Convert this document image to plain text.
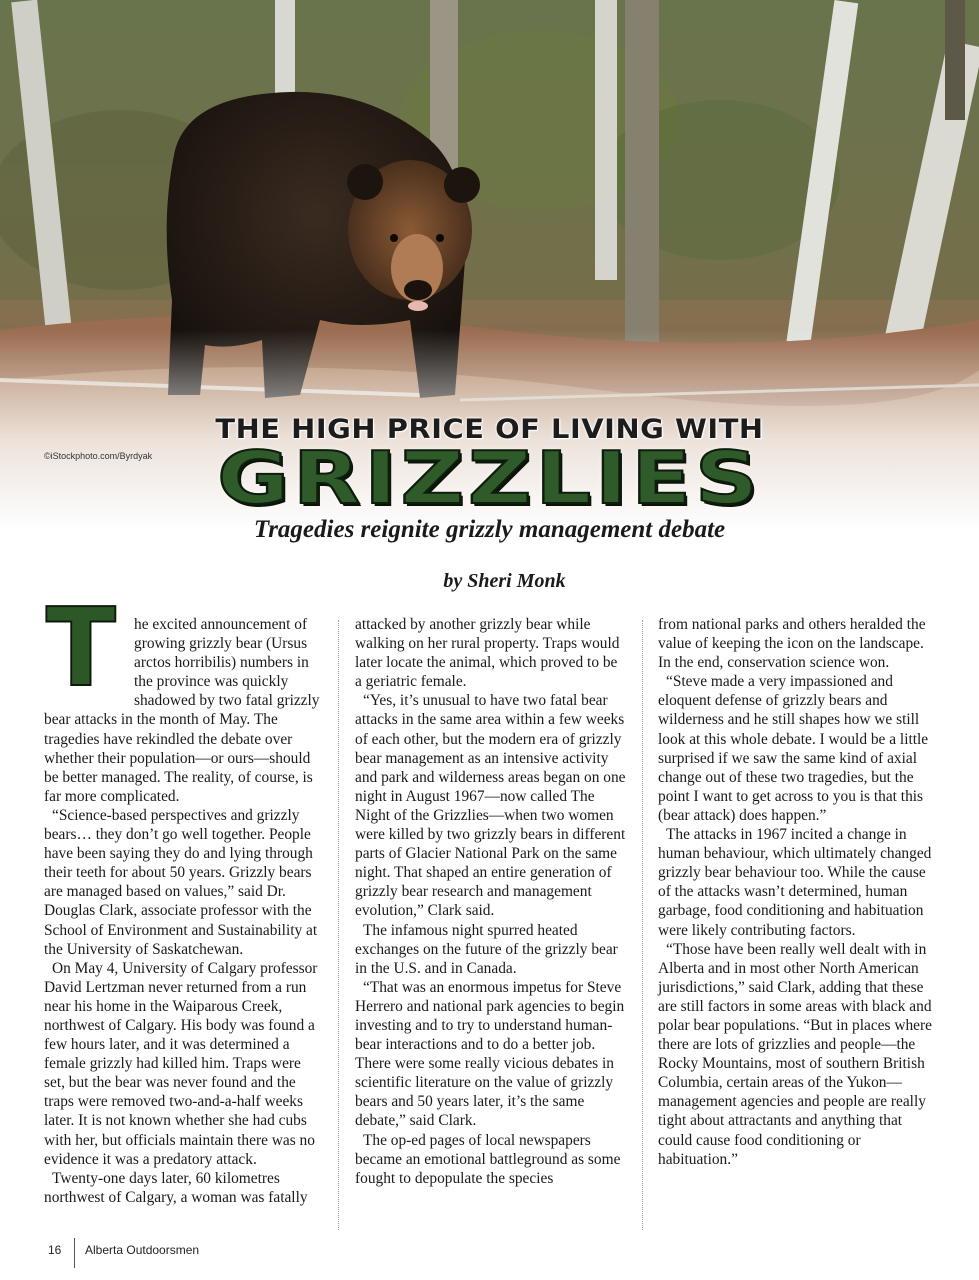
©iStockphoto.com/Byrdyak
THE HIGH PRICE OF LIVING WITH
GRIZZLIES
Tragedies reignite grizzly management debate
by Sheri Monk

T he excited announcement of growing grizzly bear (Ursus arctos horribilis) numbers in the province was quickly shadowed by two fatal grizzly bear attacks in the month of May. The tragedies have rekindled the debate over whether their population—or ours—should be better managed. The reality, of course, is far more complicated.

“Science-based perspectives and grizzly bears… they don’t go well together. People have been saying they do and lying through their teeth for about 50 years. Grizzly bears are managed based on values,” said Dr. Douglas Clark, associate professor with the School of Environment and Sustainability at the University of Saskatchewan.

On May 4, University of Calgary professor David Lertzman never returned from a run near his home in the Waiparous Creek, northwest of Calgary. His body was found a few hours later, and it was determined a female grizzly had killed him. Traps were set, but the bear was never found and the traps were removed two-and-a-half weeks later. It is not known whether she had cubs with her, but officials maintain there was no evidence it was a predatory attack.

Twenty-one days later, 60 kilometres northwest of Calgary, a woman was fatally

attacked by another grizzly bear while walking on her rural property. Traps would later locate the animal, which proved to be a geriatric female.

“Yes, it’s unusual to have two fatal bear attacks in the same area within a few weeks of each other, but the modern era of grizzly bear management as an intensive activity and park and wilderness areas began on one night in August 1967—now called The Night of the Grizzlies—when two women were killed by two grizzly bears in different parts of Glacier National Park on the same night. That shaped an entire generation of grizzly bear research and management evolution,” Clark said.

The infamous night spurred heated exchanges on the future of the grizzly bear in the U.S. and in Canada.

“That was an enormous impetus for Steve Herrero and national park agencies to begin investing and to try to understand human-bear interactions and to do a better job. There were some really vicious debates in scientific literature on the value of grizzly bears and 50 years later, it’s the same debate,” said Clark.

The op-ed pages of local newspapers became an emotional battleground as some fought to depopulate the species

from national parks and others heralded the value of keeping the icon on the landscape. In the end, conservation science won.

“Steve made a very impassioned and eloquent defense of grizzly bears and wilderness and he still shapes how we still look at this whole debate. I would be a little surprised if we saw the same kind of axial change out of these two tragedies, but the point I want to get across to you is that this (bear attack) does happen.”

The attacks in 1967 incited a change in human behaviour, which ultimately changed grizzly bear behaviour too. While the cause of the attacks wasn’t determined, human garbage, food conditioning and habituation were likely contributing factors.

“Those have been really well dealt with in Alberta and in most other North American jurisdictions,” said Clark, adding that these are still factors in some areas with black and polar bear populations. “But in places where there are lots of grizzlies and people—the Rocky Mountains, most of southern British Columbia, certain areas of the Yukon—management agencies and people are really tight about attractants and anything that could cause food conditioning or habituation.”

16 Alberta Outdoorsmen
